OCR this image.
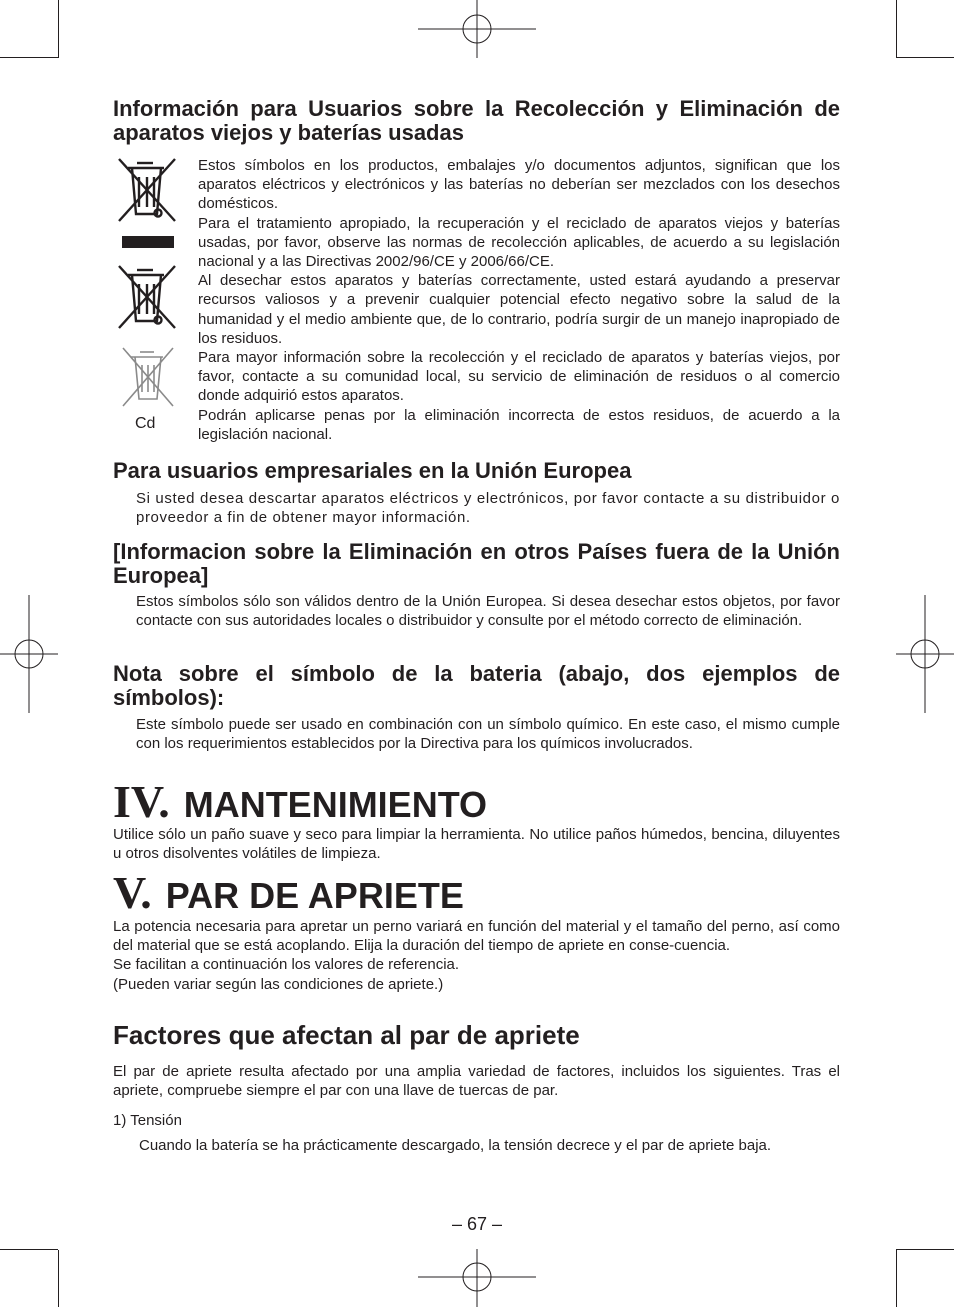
Información para Usuarios sobre la Recolección y Eliminación de aparatos viejos y baterías usadas
Cd
Estos símbolos en los productos, embalajes y/o documentos adjuntos, significan que los aparatos eléctricos y electrónicos y las baterías no deberían ser mezclados con los desechos domésticos.
Para el tratamiento apropiado, la recuperación y el reciclado de aparatos viejos y baterías usadas, por favor, observe las normas de recolección aplicables, de acuerdo a su legislación nacional y a las Directivas 2002/96/CE y 2006/66/CE.
Al desechar estos aparatos y baterías correctamente, usted estará ayudando a preservar recursos valiosos y a prevenir cualquier potencial efecto negativo sobre la salud de la humanidad y el medio ambiente que, de lo contrario, podría surgir de un manejo inapropiado de los residuos.
Para mayor información sobre la recolección y el reciclado de aparatos y baterías viejos, por favor, contacte a su comunidad local, su servicio de eliminación de residuos o al comercio donde adquirió estos aparatos.
Podrán aplicarse penas por la eliminación incorrecta de estos residuos, de acuerdo a la legislación nacional.
Para usuarios empresariales en la Unión Europea
Si usted desea descartar aparatos eléctricos y electrónicos, por favor contacte a su distribuidor o proveedor a fin de obtener mayor información.
[Informacion sobre la Eliminación en otros Países fuera de la Unión Europea]
Estos símbolos sólo son válidos dentro de la Unión Europea. Si desea desechar estos objetos, por favor contacte con sus autoridades locales o distribuidor y consulte por el método correcto de eliminación.
Nota sobre el símbolo de la bateria (abajo, dos ejemplos de símbolos):
Este símbolo puede ser usado en combinación con un símbolo químico. En este caso, el mismo cumple con los requerimientos establecidos por la Directiva para los químicos involucrados.
IV. MANTENIMIENTO
Utilice sólo un paño suave y seco para limpiar la herramienta. No utilice paños húmedos, bencina, diluyentes u otros disolventes volátiles de limpieza.
V. PAR DE APRIETE
La potencia necesaria para apretar un perno variará en función del material y el tamaño del perno, así como del material que se está acoplando. Elija la duración del tiempo de apriete en conse-cuencia.
Se facilitan a continuación los valores de referencia.
(Pueden variar según las condiciones de apriete.)
Factores que afectan al par de apriete
El par de apriete resulta afectado por una amplia variedad de factores, incluidos los siguientes. Tras el apriete, compruebe siempre el par con una llave de tuercas de par.
1) Tensión
Cuando la batería se ha prácticamente descargado, la tensión decrece y el par de apriete baja.
– 67 –
